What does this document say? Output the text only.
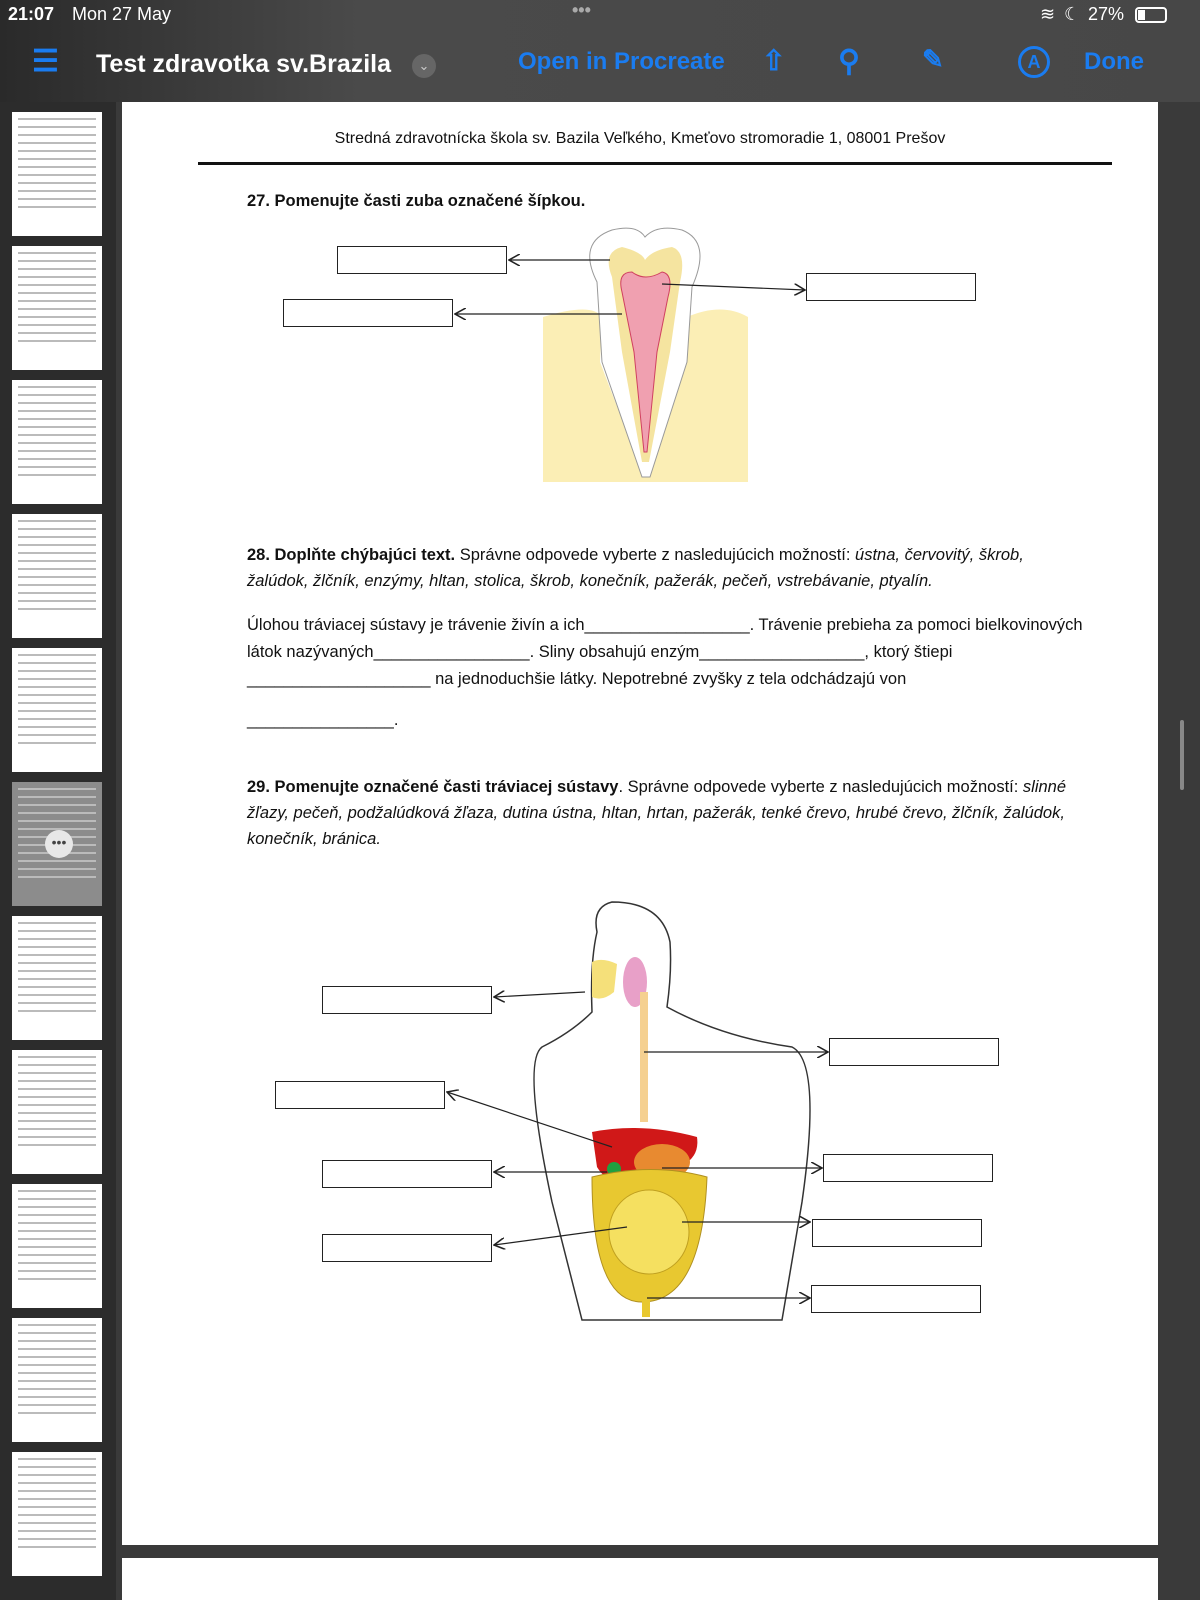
21:07 Mon 27 May	•••	≋ ☾ 27%
☰ Test zdravotka sv.Brazila	⌄	Open in Procreate ⇧ ⚲ ✎	A	Done
•••
Stredná zdravotnícka škola sv. Bazila Veľkého, Kmeťovo stromoradie 1, 08001 Prešov
27. Pomenujte časti zuba označené šípkou.
28. Doplňte chýbajúci text. Správne odpovede vyberte z nasledujúcich možností: ústna, červovitý, škrob, žalúdok, žlčník, enzýmy, hltan, stolica, škrob, konečník, pažerák, pečeň, vstrebávanie, ptyalín.
Úlohou tráviacej sústavy je trávenie živín a ich__________________. Trávenie prebieha za pomoci bielkovinových látok nazývaných_________________. Sliny obsahujú enzým__________________, ktorý štiepi ____________________ na jednoduchšie látky. Nepotrebné zvyšky z tela odchádzajú von
________________.
29. Pomenujte označené časti tráviacej sústavy. Správne odpovede vyberte z nasledujúcich možností: slinné žľazy, pečeň, podžalúdková žľaza, dutina ústna, hltan, hrtan, pažerák, tenké črevo, hrubé črevo, žlčník, žalúdok, konečník, bránica.
